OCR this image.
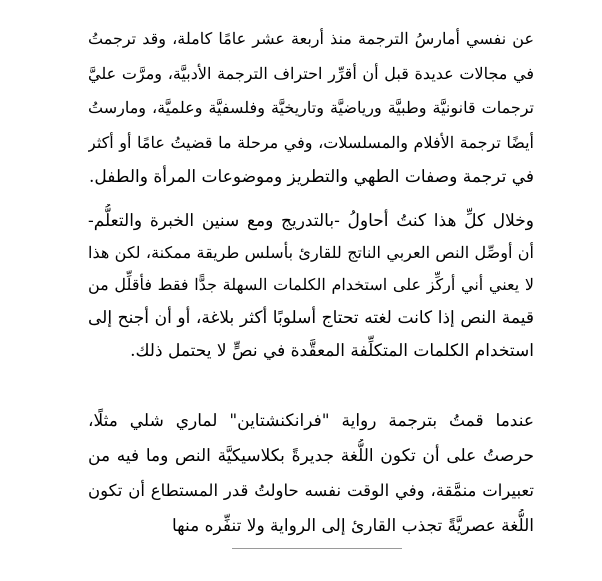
عن نفسي أمارسُ الترجمة منذ أربعة عشر عامًا كاملة، وقد ترجمتُ
في مجالات عديدة قبل أن أقرِّر احتراف الترجمة الأدبيَّة، ومرَّت عليَّ
ترجمات قانونيَّة وطبيَّة ورياضيَّة وتاريخيَّة وفلسفيَّة وعلميَّة، ومارستُ
أيضًا ترجمة الأفلام والمسلسلات، وفي مرحلة ما قضيتُ عامًا أو أكثر
في ترجمة وصفات الطهي والتطريز وموضوعات المرأة والطفل.
وخلال كلِّ هذا كنتُ أحاولُ -بالتدريج ومع سنين الخبرة والتعلُّم-
أن أوصِّل النص العربي الناتج للقارئ بأسلس طريقة ممكنة، لكن هذا
لا يعني أني أركِّز على استخدام الكلمات السهلة جدًّا فقط فأقلِّل من
قيمة النص إذا كانت لغته تحتاج أسلوبًا أكثر بلاغة، أو أن أجنح إلى
استخدام الكلمات المتكلِّفة المعقَّدة في نصٍّ لا يحتمل ذلك.
عندما قمتُ بترجمة رواية "فرانكنشتاين" لماري شلي مثلًا،
حرصتُ على أن تكون اللُّغة جديرةً بكلاسيكيَّة النص وما فيه من
تعبيرات منمَّقة، وفي الوقت نفسه حاولتُ قدر المستطاع أن تكون
اللُّغة عصريَّةً تجذب القارئ إلى الرواية ولا تنفِّره منها
